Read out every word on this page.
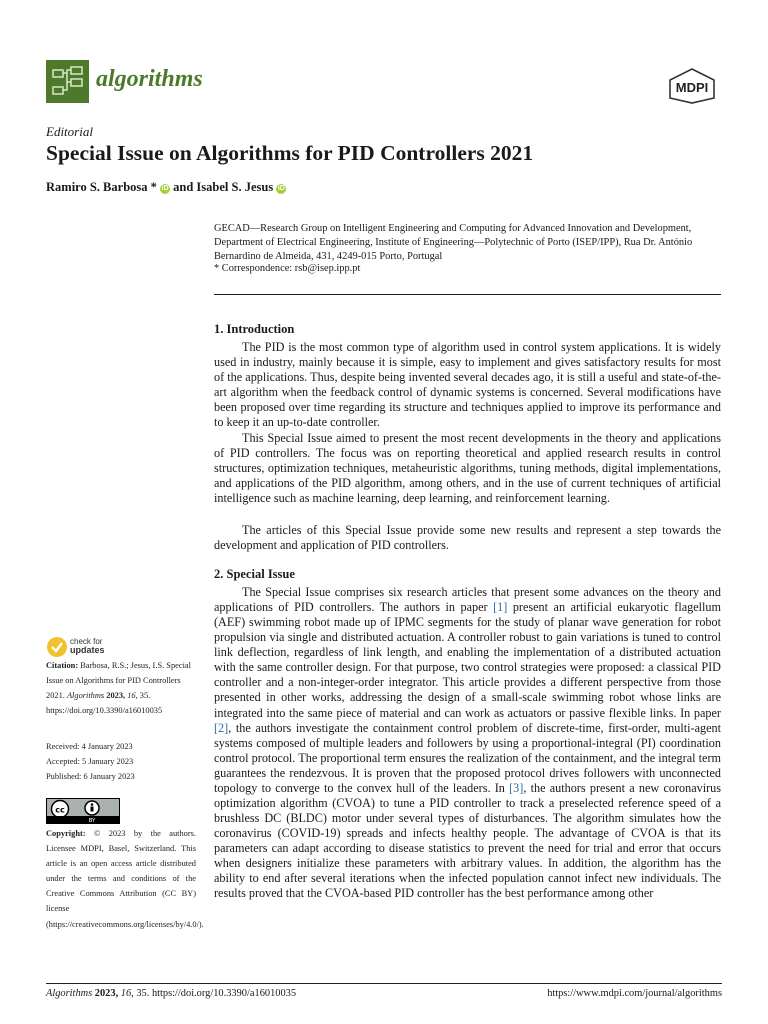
algorithms	MDPI
Editorial
Special Issue on Algorithms for PID Controllers 2021
Ramiro S. Barbosa * iD and Isabel S. Jesus iD
GECAD—Research Group on Intelligent Engineering and Computing for Advanced Innovation and Development, Department of Electrical Engineering, Institute of Engineering—Polytechnic of Porto (ISEP/IPP), Rua Dr. António Bernardino de Almeida, 431, 4249-015 Porto, Portugal
* Correspondence: rsb@isep.ipp.pt
1. Introduction
The PID is the most common type of algorithm used in control system applications. It is widely used in industry, mainly because it is simple, easy to implement and gives satisfactory results for most of the applications. Thus, despite being invented several decades ago, it is still a useful and state-of-the-art algorithm when the feedback control of dynamic systems is concerned. Several modifications have been proposed over time regarding its structure and techniques applied to improve its performance and to keep it an up-to-date controller.
This Special Issue aimed to present the most recent developments in the theory and applications of PID controllers. The focus was on reporting theoretical and applied research results in control structures, optimization techniques, metaheuristic algorithms, tuning methods, digital implementations, and applications of the PID algorithm, among others, and in the use of current techniques of artificial intelligence such as machine learning, deep learning, and reinforcement learning.
The articles of this Special Issue provide some new results and represent a step towards the development and application of PID controllers.
2. Special Issue
The Special Issue comprises six research articles that present some advances on the theory and applications of PID controllers. The authors in paper [1] present an artificial eukaryotic flagellum (AEF) swimming robot made up of IPMC segments for the study of planar wave generation for robot propulsion via single and distributed actuation. A controller robust to gain variations is tuned to control link deflection, regardless of link length, and enabling the implementation of a distributed actuation with the same controller design. For that purpose, two control strategies were proposed: a classical PID controller and a non-integer-order integrator. This article provides a different perspective from those presented in other works, addressing the design of a small-scale swimming robot whose links are integrated into the same piece of material and can work as actuators or passive flexible links. In paper [2], the authors investigate the containment control problem of discrete-time, first-order, multi-agent systems composed of multiple leaders and followers by using a proportional-integral (PI) coordination control protocol. The proportional term ensures the realization of the containment, and the integral term guarantees the rendezvous. It is proven that the proposed protocol drives followers with unconnected topology to converge to the convex hull of the leaders. In [3], the authors present a new coronavirus optimization algorithm (CVOA) to tune a PID controller to track a preselected reference speed of a brushless DC (BLDC) motor under several types of disturbances. The algorithm simulates how the coronavirus (COVID-19) spreads and infects healthy people. The advantage of CVOA is that its parameters can adapt according to disease statistics to prevent the need for trial and error that occurs when designers initialize these parameters with arbitrary values. In addition, the algorithm has the ability to end after several iterations when the infected population cannot infect new individuals. The results proved that the CVOA-based PID controller has the best performance among other
check for
updates
Citation: Barbosa, R.S.; Jesus, I.S. Special Issue on Algorithms for PID Controllers 2021. Algorithms 2023, 16, 35. https://doi.org/10.3390/a16010035
Received: 4 January 2023
Accepted: 5 January 2023
Published: 6 January 2023
cc
BY
Copyright: © 2023 by the authors. Licensee MDPI, Basel, Switzerland. This article is an open access article distributed under the terms and conditions of the Creative Commons Attribution (CC BY) license (https://creativecommons.org/licenses/by/4.0/).
Algorithms 2023, 16, 35. https://doi.org/10.3390/a16010035	https://www.mdpi.com/journal/algorithms
